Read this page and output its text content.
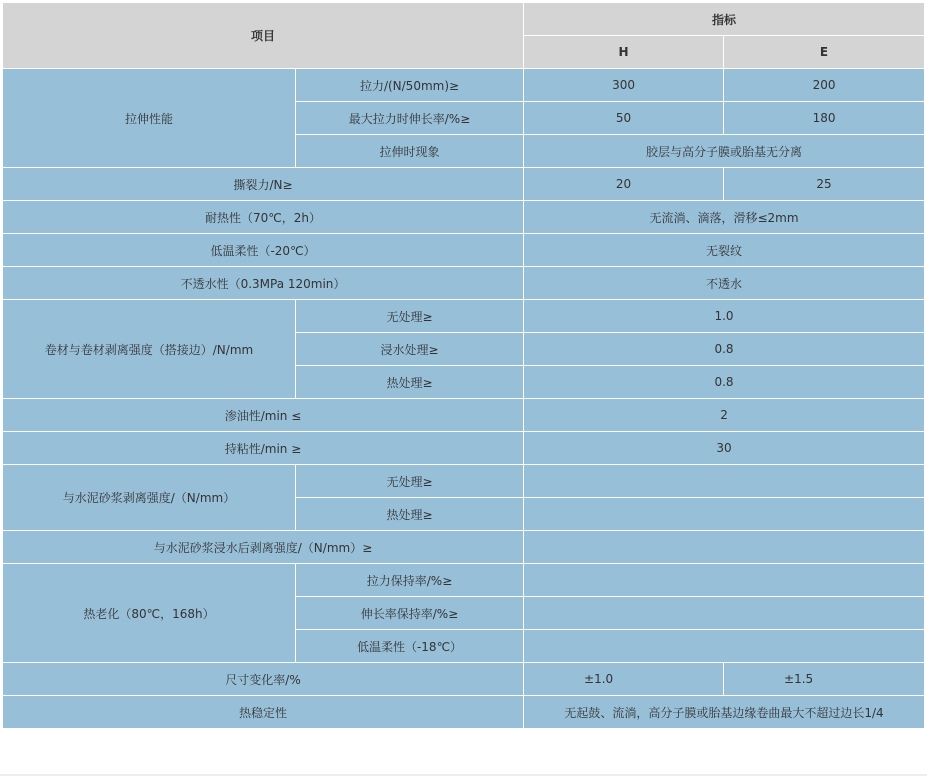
项目		指标	
		H	E
拉伸性能	拉力/(N/50mm)≥	300	200
	最大拉力时伸长率/%≥	50	180
	拉伸时现象	胶层与高分子膜或胎基无分离	
撕裂力/N≥		20	25
耐热性（70℃，2h）		无流淌、滴落，滑移≤2mm	
低温柔性（-20℃）		无裂纹	
不透水性（0.3MPa 120min）		不透水	
卷材与卷材剥离强度（搭接边）/N/mm	无处理≥	1.0	
	浸水处理≥	0.8	
	热处理≥	0.8	
渗油性/min ≤		2	
持粘性/min ≥		30	
与水泥砂浆剥离强度/（N/mm）	无处理≥		
	热处理≥		
与水泥砂浆浸水后剥离强度/（N/mm）≥			
热老化（80℃，168h）	拉力保持率/%≥		
	伸长率保持率/%≥		
	低温柔性（-18℃）		
尺寸变化率/%		±1.0	±1.5
热稳定性		无起鼓、流淌，高分子膜或胎基边缘卷曲最大不超过边长1/4	
